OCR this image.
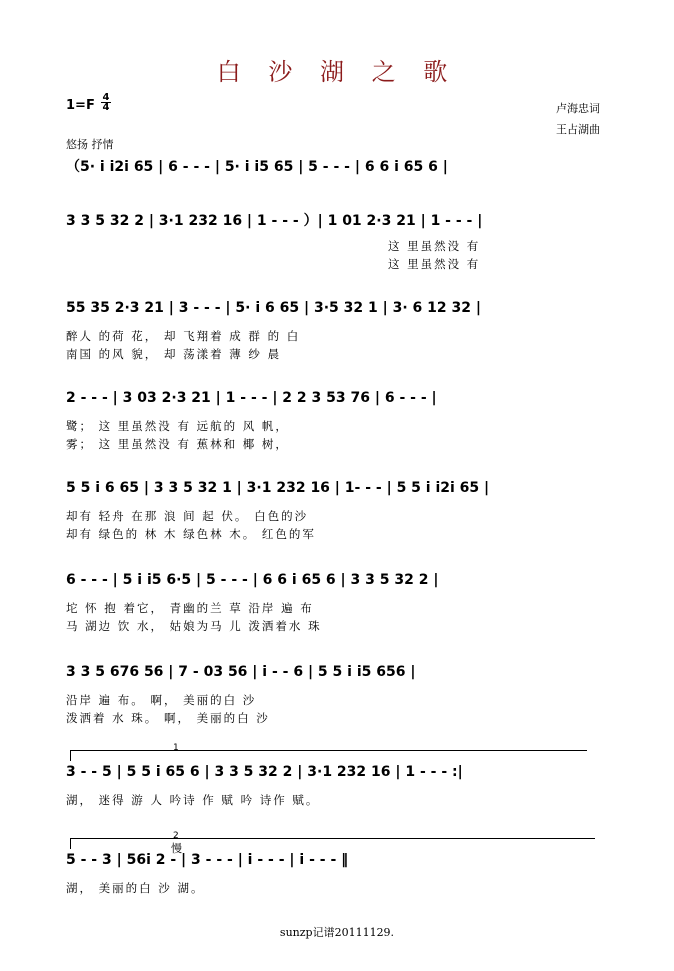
白 沙 湖 之 歌
1=F
4
4	卢海忠词
王占湖曲
悠扬 抒情
（5· i i2i 65 | 6 - - - | 5· i i5 65 | 5 - - - | 6 6 i 65 6 |
3 3 5 32 2 | 3·1 232 16 | 1 - - - ）| 1 01 2·3 21 | 1 - - - |
这 里虽然没 有
这 里虽然没 有
55 35 2·3 21 | 3 - - - | 5· i 6 65 | 3·5 32 1 | 3· 6 12 32 |
醉人 的荷 花， 却 飞翔着 成 群 的 白
南国 的风 貌， 却 荡漾着 薄 纱 晨
2 - - - | 3 03 2·3 21 | 1 - - - | 2 2 3 53 76 | 6 - - - |
鹭； 这 里虽然没 有 远航的 风 帆，
雾； 这 里虽然没 有 蕉林和 椰 树，
5 5 i 6 65 | 3 3 5 32 1 | 3·1 232 16 | 1- - - | 5 5 i i2i 65 |
却有 轻舟 在那 浪 间 起 伏。 白色的沙
却有 绿色的 林 木 绿色林 木。 红色的军
6 - - - | 5 i i5 6·5 | 5 - - - | 6 6 i 65 6 | 3 3 5 32 2 |
坨 怀 抱 着它， 青幽的兰 草 沿岸 遍 布
马 湖边 饮 水， 姑娘为马 儿 泼洒着水 珠
3 3 5 676 56 | 7 - 03 56 | i - - 6 | 5 5 i i5 656 |
沿岸 遍 布。 啊， 美丽的白 沙
泼洒着 水 珠。 啊， 美丽的白 沙
1
3 - - 5 | 5 5 i 65 6 | 3 3 5 32 2 | 3·1 232 16 | 1 - - - :|
湖， 迷得 游 人 吟诗 作 赋 吟 诗作 赋。
2
慢
5 - - 3 | 56i 2 - | 3 - - - | i - - - | i - - - ‖
湖， 美丽的白 沙 湖。
sunzp记谱20111129.
